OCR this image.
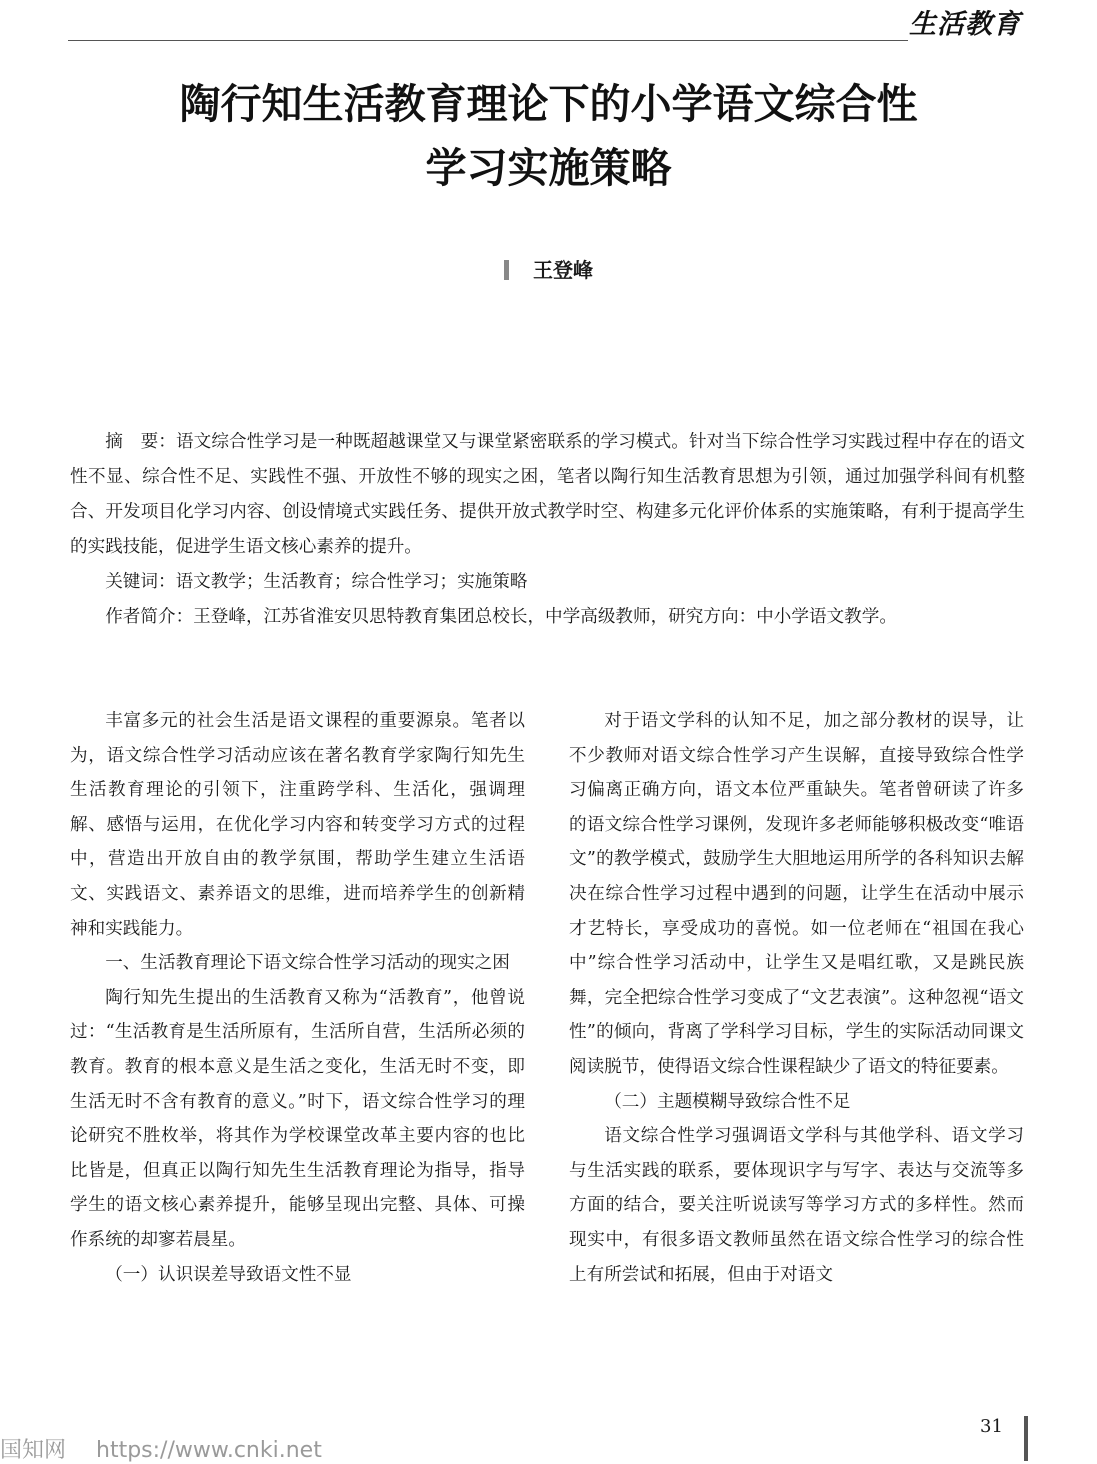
生活教育
陶行知生活教育理论下的小学语文综合性
学习实施策略
王登峰

摘　要：语文综合性学习是一种既超越课堂又与课堂紧密联系的学习模式。针对当下综合性学习实践过程中存在的语文性不显、综合性不足、实践性不强、开放性不够的现实之困，笔者以陶行知生活教育思想为引领，通过加强学科间有机整合、开发项目化学习内容、创设情境式实践任务、提供开放式教学时空、构建多元化评价体系的实施策略，有利于提高学生的实践技能，促进学生语文核心素养的提升。

关键词：语文教学；生活教育；综合性学习；实施策略

作者简介：王登峰，江苏省淮安贝思特教育集团总校长，中学高级教师，研究方向：中小学语文教学。

丰富多元的社会生活是语文课程的重要源泉。笔者以为，语文综合性学习活动应该在著名教育学家陶行知先生生活教育理论的引领下，注重跨学科、生活化，强调理解、感悟与运用，在优化学习内容和转变学习方式的过程中，营造出开放自由的教学氛围，帮助学生建立生活语文、实践语文、素养语文的思维，进而培养学生的创新精神和实践能力。

一、生活教育理论下语文综合性学习活动的现实之困

陶行知先生提出的生活教育又称为“活教育”，他曾说过：“生活教育是生活所原有，生活所自营，生活所必须的教育。教育的根本意义是生活之变化，生活无时不变，即生活无时不含有教育的意义。”时下，语文综合性学习的理论研究不胜枚举，将其作为学校课堂改革主要内容的也比比皆是，但真正以陶行知先生生活教育理论为指导，指导学生的语文核心素养提升，能够呈现出完整、具体、可操作系统的却寥若晨星。

（一）认识误差导致语文性不显

对于语文学科的认知不足，加之部分教材的误导，让不少教师对语文综合性学习产生误解，直接导致综合性学习偏离正确方向，语文本位严重缺失。笔者曾研读了许多的语文综合性学习课例，发现许多老师能够积极改变“唯语文”的教学模式，鼓励学生大胆地运用所学的各科知识去解决在综合性学习过程中遇到的问题，让学生在活动中展示才艺特长，享受成功的喜悦。如一位老师在“祖国在我心中”综合性学习活动中，让学生又是唱红歌，又是跳民族舞，完全把综合性学习变成了“文艺表演”。这种忽视“语文性”的倾向，背离了学科学习目标，学生的实际活动同课文阅读脱节，使得语文综合性课程缺少了语文的特征要素。

（二）主题模糊导致综合性不足

语文综合性学习强调语文学科与其他学科、语文学习与生活实践的联系，要体现识字与写字、表达与交流等多方面的结合，要关注听说读写等学习方式的多样性。然而现实中，有很多语文教师虽然在语文综合性学习的综合性上有所尝试和拓展，但由于对语文

31
国知网 https://www.cnki.net
